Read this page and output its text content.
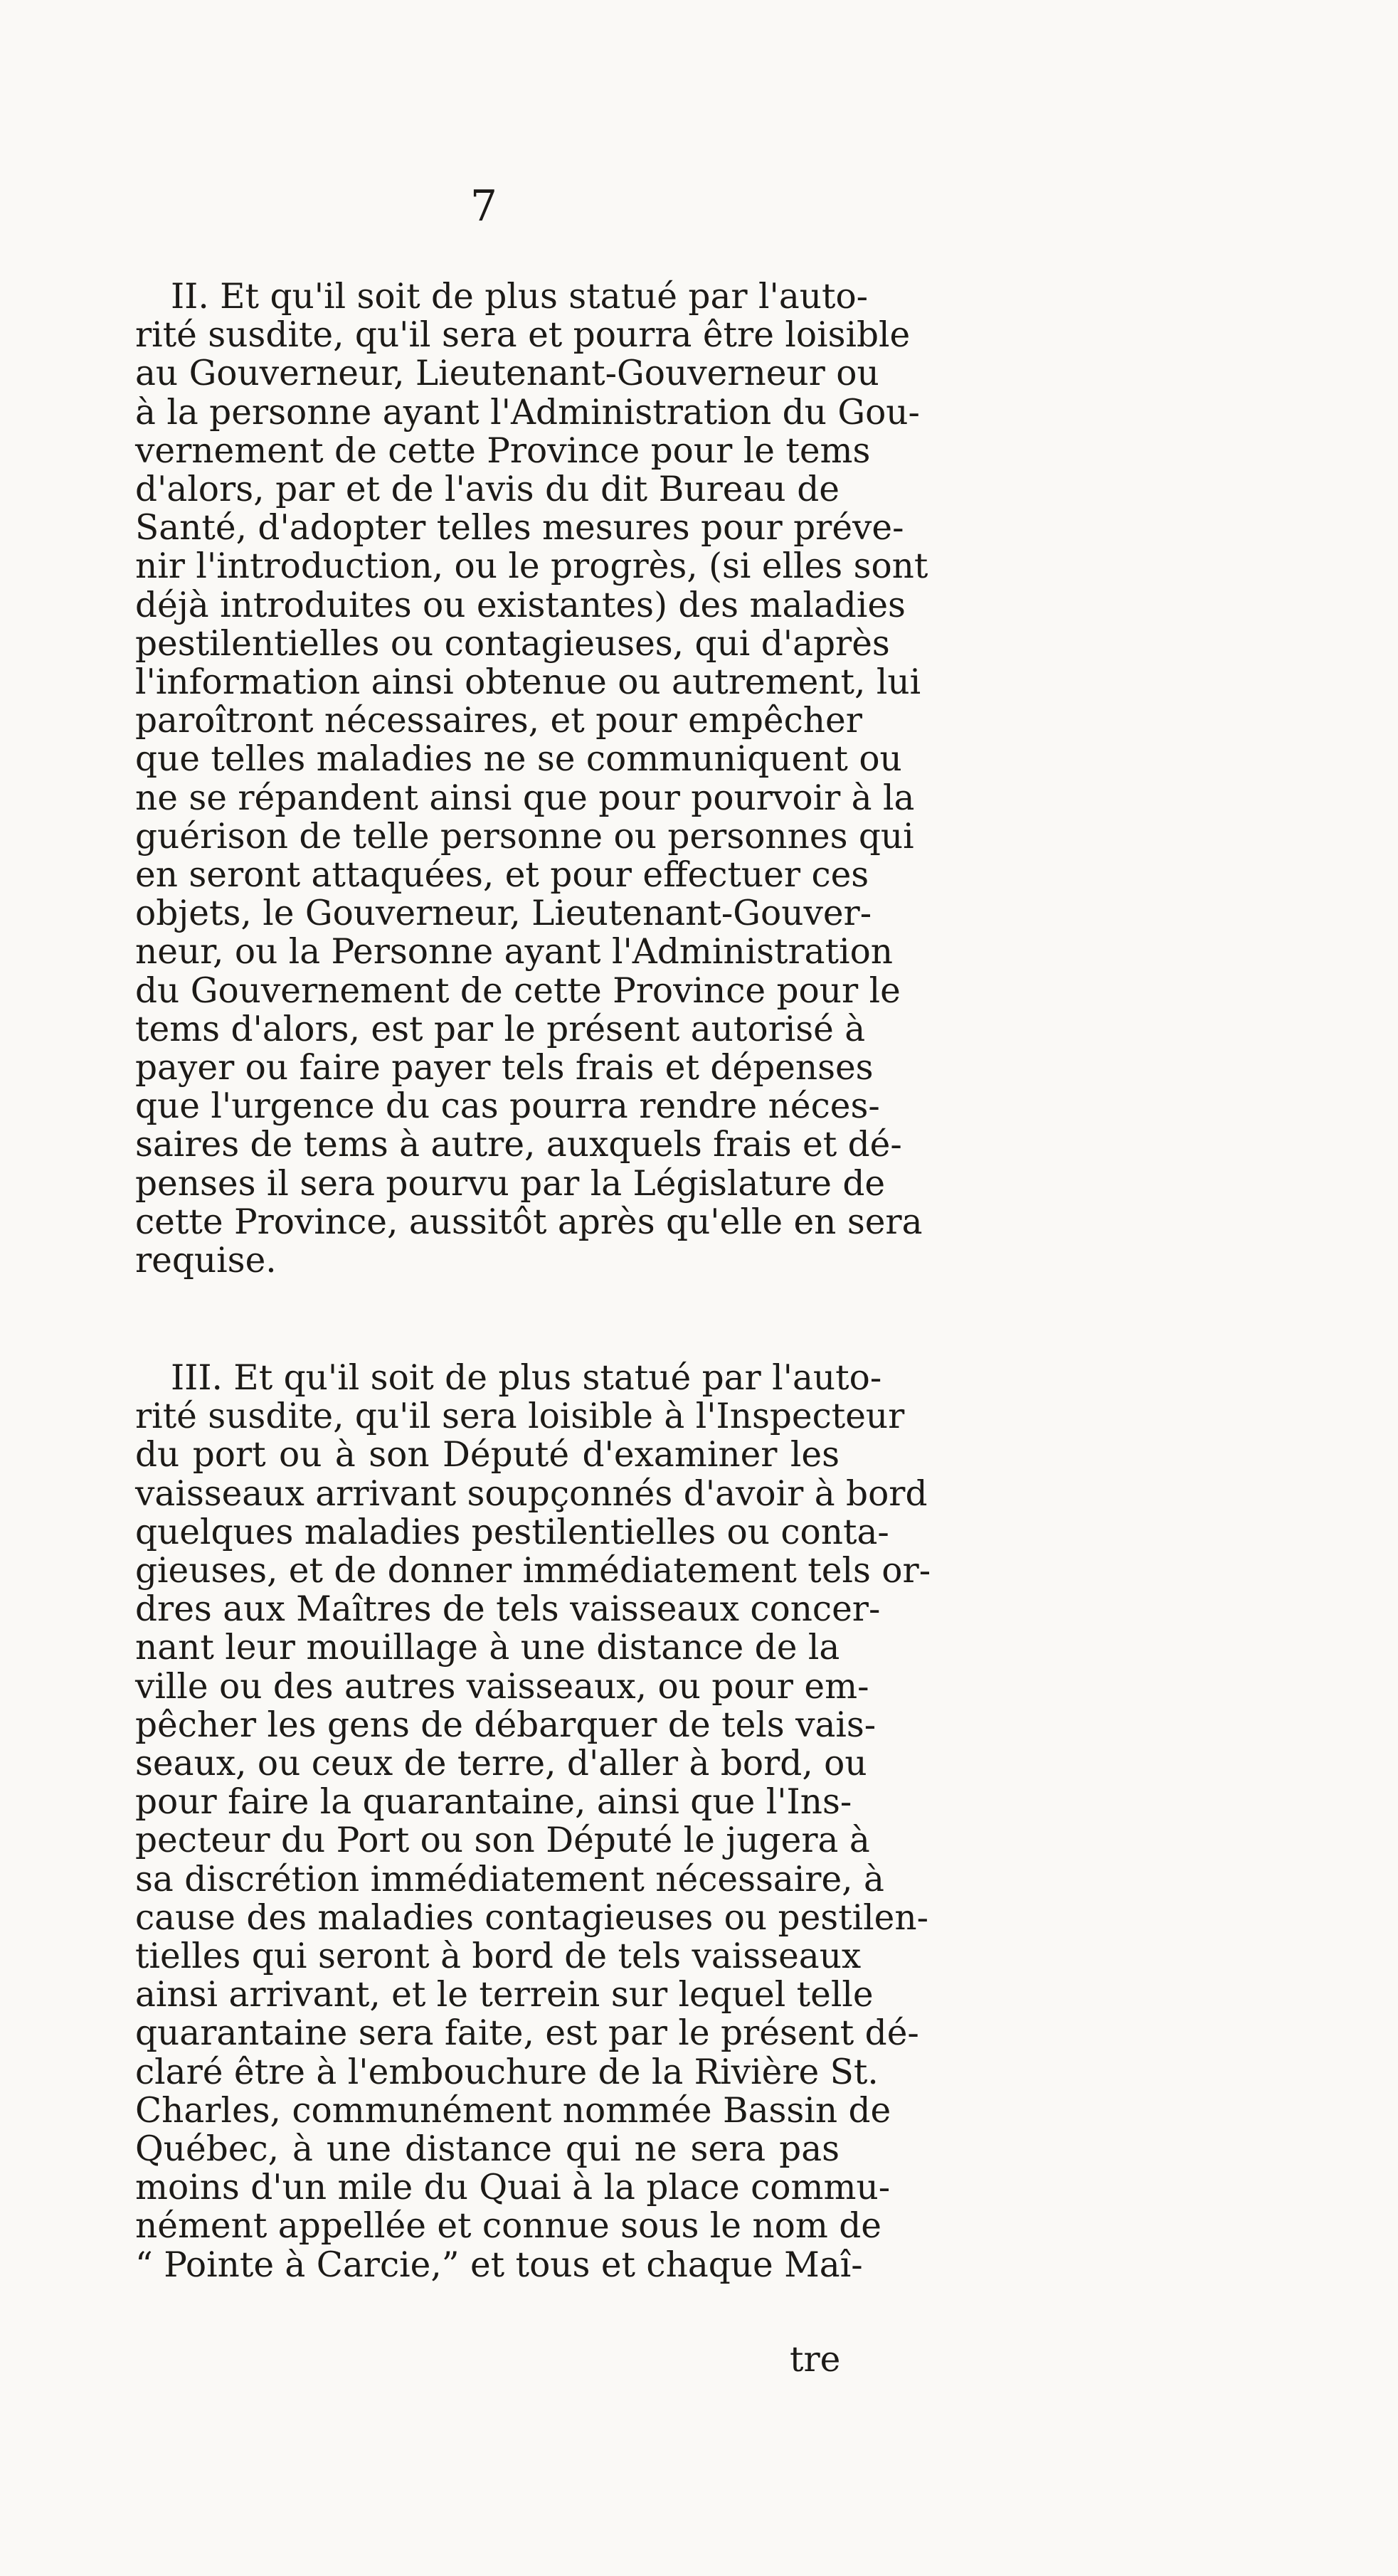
7
II. Et qu'il soit de plus statué par l'auto-
rité susdite, qu'il sera et pourra être loisible
au Gouverneur, Lieutenant-Gouverneur ou
à la personne ayant l'Administration du Gou-
vernement de cette Province pour le tems
d'alors, par et de l'avis du dit Bureau de
Santé, d'adopter telles mesures pour préve-
nir l'introduction, ou le progrès, (si elles sont
déjà introduites ou existantes) des maladies
pestilentielles ou contagieuses, qui d'après
l'information ainsi obtenue ou autrement, lui
paroîtront nécessaires, et pour empêcher
que telles maladies ne se communiquent ou
ne se répandent ainsi que pour pourvoir à la
guérison de telle personne ou personnes qui
en seront attaquées, et pour effectuer ces
objets, le Gouverneur, Lieutenant-Gouver-
neur, ou la Personne ayant l'Administration
du Gouvernement de cette Province pour le
tems d'alors, est par le présent autorisé à
payer ou faire payer tels frais et dépenses
que l'urgence du cas pourra rendre néces-
saires de tems à autre, auxquels frais et dé-
penses il sera pourvu par la Législature de
cette Province, aussitôt après qu'elle en sera
requise.
III. Et qu'il soit de plus statué par l'auto-
rité susdite, qu'il sera loisible à l'Inspecteur
du port ou à son Député d'examiner les
vaisseaux arrivant soupçonnés d'avoir à bord
quelques maladies pestilentielles ou conta-
gieuses, et de donner immédiatement tels or-
dres aux Maîtres de tels vaisseaux concer-
nant leur mouillage à une distance de la
ville ou des autres vaisseaux, ou pour em-
pêcher les gens de débarquer de tels vais-
seaux, ou ceux de terre, d'aller à bord, ou
pour faire la quarantaine, ainsi que l'Ins-
pecteur du Port ou son Député le jugera à
sa discrétion immédiatement nécessaire, à
cause des maladies contagieuses ou pestilen-
tielles qui seront à bord de tels vaisseaux
ainsi arrivant, et le terrein sur lequel telle
quarantaine sera faite, est par le présent dé-
claré être à l'embouchure de la Rivière St.
Charles, communément nommée Bassin de
Québec, à une distance qui ne sera pas
moins d'un mile du Quai à la place commu-
nément appellée et connue sous le nom de
“ Pointe à Carcie,” et tous et chaque Maî-
tre
